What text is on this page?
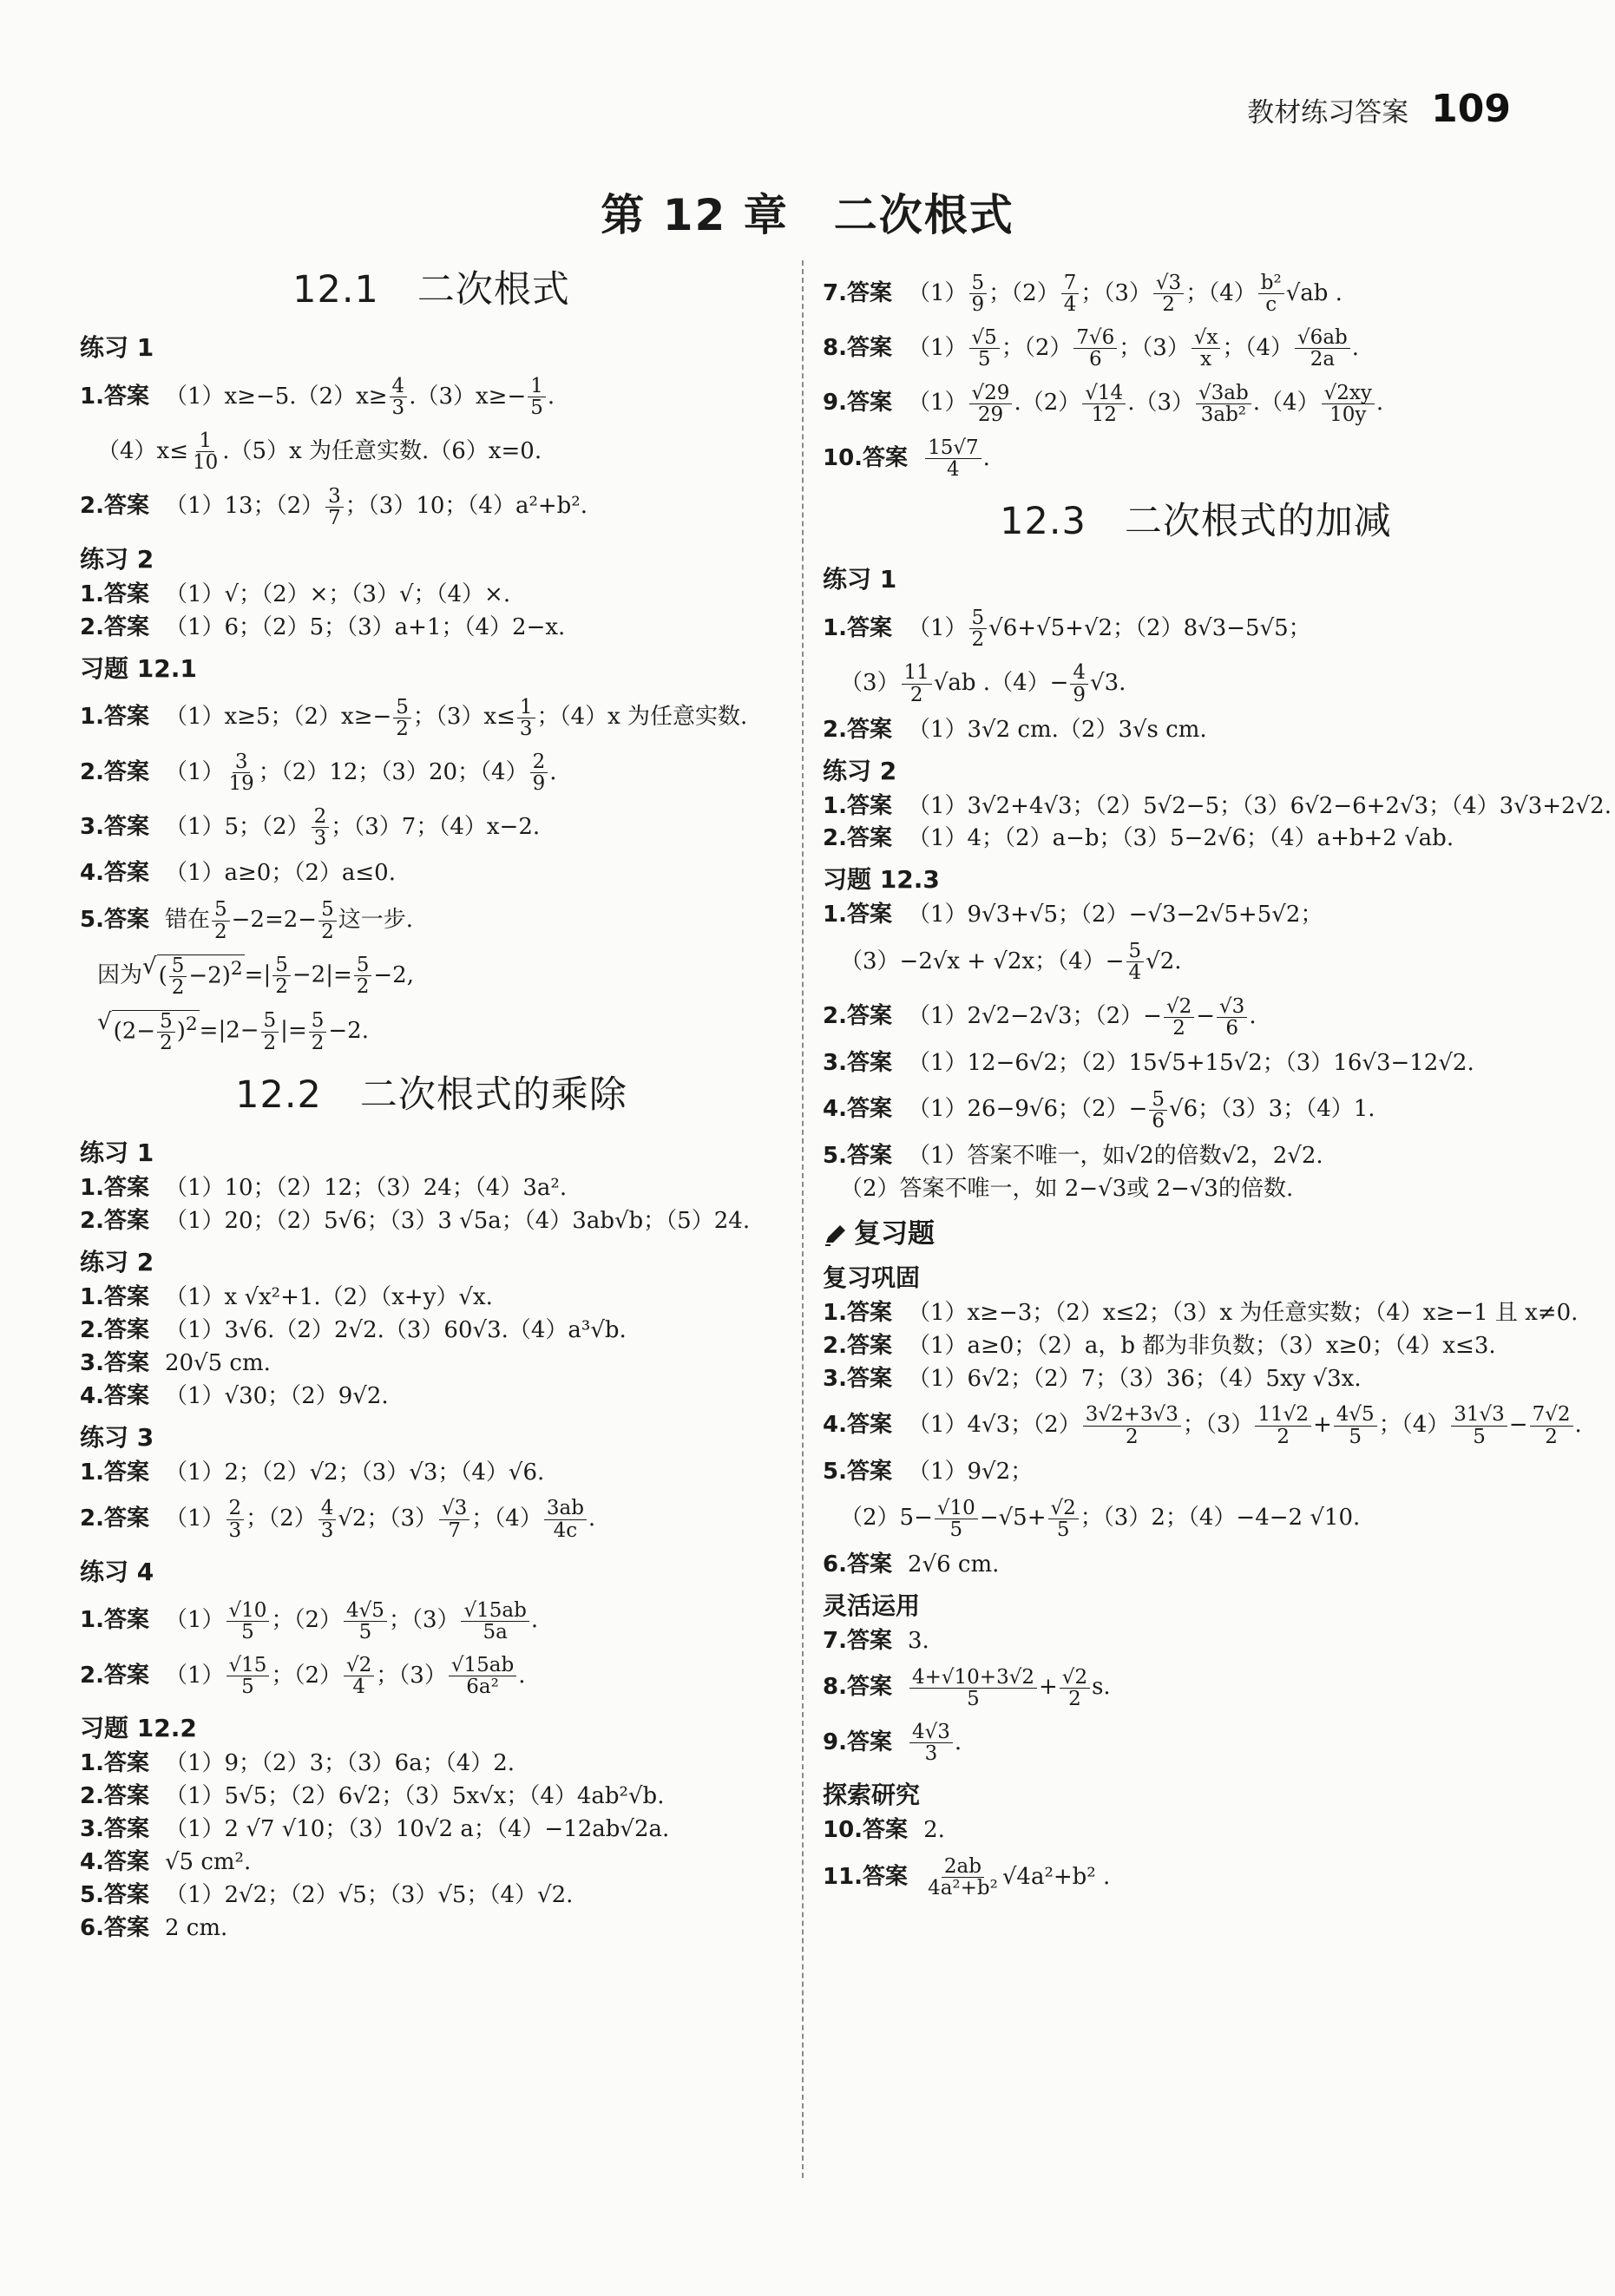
教材练习答案 109
第 12 章　二次根式
12.1　二次根式
练习 1
1.答案 $(1)x\ge-5.(2)x\ge \frac{4}{3} .(3)x\ge- \frac{1}{5}$ .
$(4)x\le \frac{1}{10} .(5)x$ 为任意实数.（6）x=0.
2.答案 （1）13；$(2) \frac{3}{7}$ ；（3）10；（4）a²+b².
练习 2
1.答案 （1）√；（2）×；（3）√；（4）×.
2.答案 （1）6；（2）5；（3）a+1；（4）2−x.
习题 12.1
1.答案 （1）x≥5；$(2)x\ge- \frac{5}{2}$ ；$(3)x\le \frac{1}{3}$ ；（4）x 为任意实数.
2.答案 $(1) \frac{3}{19}$ ；（2）12；（3）20；$(4) \frac{2}{9}$ .
3.答案 （1）5；$(2) \frac{2}{3}$ ；（3）7；（4）x−2.
4.答案 （1）a≥0；（2）a≤0.
5.答案 错在 $\frac{5}{2} -2=2- \frac{5}{2}$ 这一步.
因为 √ ( $\frac{5}{2} -2)^2$ = | $\frac{5}{2} -2| = \frac{5}{2} -2$,
√ $(2- \frac{5}{2} )^2 = |2- \frac{5}{2}$ | = $\frac{5}{2} -2$.
12.2　二次根式的乘除
练习 1
1.答案 （1）10；（2）12；（3）24；（4）3a².
2.答案 （1）20；（2）5√6；（3）3 √5a；（4）3ab√b；（5）24.
练习 2
1.答案 （1）x √x²+1.（2）（x+y）√x.
2.答案 （1）3√6.（2）2√2.（3）60√3.（4）a³√b.
3.答案 20√5 cm.
4.答案 （1）√30；（2）9√2.
练习 3
1.答案 （1）2；（2）√2；（3）√3；（4）√6.
2.答案 $(1) \frac{2}{3}$ ；$(2) \frac{4}{3} √2$；$(3) \frac{√3}{7}$ ；$(4) \frac{3ab}{4c}$ .
练习 4
1.答案 $(1) \frac{√10}{5}$ ；$(2) \frac{4√5}{5}$ ；$(3) \frac{√15ab}{5a}$ .
2.答案 $(1) \frac{√15}{5}$ ；$(2) \frac{√2}{4}$ ；$(3) \frac{√15ab}{\text{6a²}}$ .
习题 12.2
1.答案 （1）9；（2）3；（3）6a；（4）2.
2.答案 （1）5√5；（2）6√2；（3）5x√x；（4）4ab²√b.
3.答案 （1）2 √7 √10；（3）10√2 a；（4）−12ab√2a.
4.答案 √5 cm².
5.答案 （1）2√2；（2）√5；（3）√5；（4）√2.
6.答案 2 cm.
7.答案 $(1) \frac{5}{9}$ ；$(2) \frac{7}{4}$ ；$(3) \frac{√3}{2}$ ；$(4) \frac{\text{b²}}{c} √ab$ .
8.答案 $(1) \frac{√5}{5}$ ；$(2) \frac{7√6}{6}$ ；$(3) \frac{√x}{x}$ ；$(4) \frac{√6ab}{2a}$ .
9.答案 $(1) \frac{√29}{29} .(2) \frac{√14}{12} .(3) \frac{√3ab}{\text{3ab²}} .(4) \frac{√2xy}{10y}$ .
10.答案 $\frac{15√7}{4}$ .
12.3　二次根式的加减
练习 1
1.答案 $(1) \frac{5}{2} √6+√5+√2$；（2）8√3−5√5；
$(3) \frac{11}{2} √ab$ $.(4)- \frac{4}{9} √3$.
2.答案 （1）3√2 cm.（2）3√s cm.
练习 2
1.答案 （1）3√2+4√3；（2）5√2−5；（3）6√2−6+2√3；（4）3√3+2√2.
2.答案 （1）4；（2）a−b；（3）5−2√6；（4）a+b+2 √ab.
习题 12.3
1.答案 （1）9√3+√5；（2）−√3−2√5+5√2；
（3）−2√x + √2x；$(4)- \frac{5}{4} √2$.
2.答案 （1）2√2−2√3；$(2)- \frac{√2}{2} - \frac{√3}{6}$ .
3.答案 （1）12−6√2；（2）15√5+15√2；（3）16√3−12√2.
4.答案 （1）26−9√6；$(2)- \frac{5}{6} √6$；（3）3；（4）1.
5.答案 （1）答案不唯一，如√2的倍数√2，2√2.
（2）答案不唯一，如 2−√3或 2−√3的倍数.
复习题
复习巩固
1.答案 （1）x≥−3；（2）x≤2；（3）x 为任意实数；（4）x≥−1 且 x≠0.
2.答案 （1）a≥0；（2）a，b 都为非负数；（3）x≥0；（4）x≤3.
3.答案 （1）6√2；（2）7；（3）36；（4）5xy √3x.
4.答案 （1）4√3；$(2) \frac{3√2+3√3}{2}$ ；$(3) \frac{11√2}{2} + \frac{4√5}{5}$ ；$(4) \frac{31√3}{5} - \frac{7√2}{2}$ .
5.答案 （1）9√2；
$(2)5- \frac{√10}{5} -√5+ \frac{√2}{5}$ ；（3）2；（4）−4−2 √10.
6.答案 2√6 cm.
灵活运用
7.答案 3.
8.答案 $\frac{4+√10+3√2}{5} + \frac{√2}{2} s$.
9.答案 $\frac{4√3}{3}$ .
探索研究
10.答案 2.
11.答案 $\frac{2ab}{\text{4a²+b²}} √4a^2+b^2$ .
